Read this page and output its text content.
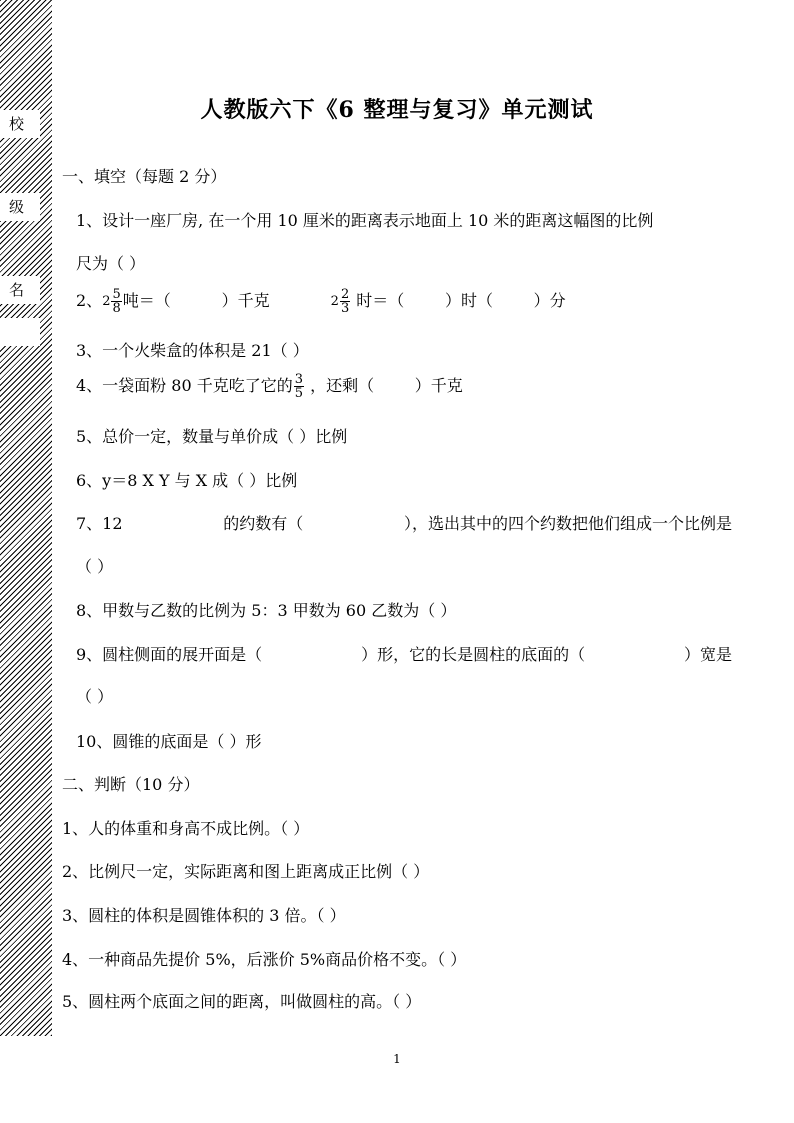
校
级
名
人教版六下《6 整理与复习》单元测试
一、填空（每题 2 分）
1、设计一座厂房, 在一个用 10 厘米的距离表示地面上 10 米的距离这幅图的比例
尺为（ ）
2、$2 \frac{5}{8}$ 吨＝（          ）千克            $2 \frac{2}{3}$ 时＝（        ）时（        ）分
3、一个火柴盒的体积是 21（ ）
4、一袋面粉 80 千克吃了它的 $\frac{3}{5}$ ，还剩（        ）千克
5、总价一定，数量与单价成（ ）比例
6、y＝8 X Y 与 X 成（ ）比例
7、12	的约数有（	），选出其中的四个约数把他们组成一个比例是
（ ）
8、甲数与乙数的比例为 5：3 甲数为 60 乙数为（ ）
9、圆柱侧面的展开面是（	）形，它的长是圆柱的底面的（	）宽是
（ ）
10、圆锥的底面是（ ）形
二、判断（10 分）
1、人的体重和身高不成比例。（ ）
2、比例尺一定，实际距离和图上距离成正比例（ ）
3、圆柱的体积是圆锥体积的 3 倍。（ ）
4、一种商品先提价 5%，后涨价 5%商品价格不变。（ ）
5、圆柱两个底面之间的距离，叫做圆柱的高。（ ）
1
